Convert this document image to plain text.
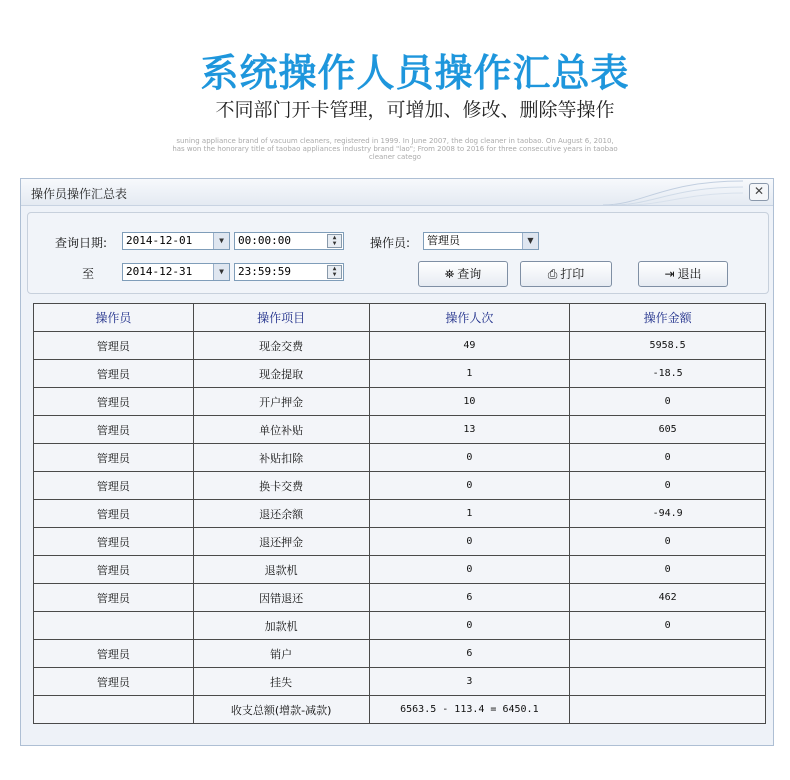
系统操作人员操作汇总表
不同部门开卡管理，可增加、修改、删除等操作
suning appliance brand of vacuum cleaners, registered in 1999. In June 2007, the dog cleaner in taobao. On August 6, 2010, has won the honorary title of taobao appliances industry brand "lao"; From 2008 to 2016 for three consecutive years in taobao cleaner catego
操作员操作汇总表	✕
查询日期:	2014-12-01	▼	00:00:00	▲
▼
至	2014-12-31	▼	23:59:59	▲
▼
操作员:	管理员	▼
⛯ 查询	⎙ 打印	⇥ 退出
操作员	操作项目	操作人次	操作金额
管理员	现金交费	49	5958.5
管理员	现金提取	1	-18.5
管理员	开户押金	10	0
管理员	单位补贴	13	605
管理员	补贴扣除	0	0
管理员	换卡交费	0	0
管理员	退还余额	1	-94.9
管理员	退还押金	0	0
管理员	退款机	0	0
管理员	因错退还	6	462
	加款机	0	0
管理员	销户	6	
管理员	挂失	3	
	收支总额(增款-减款)	6563.5 - 113.4 = 6450.1	
